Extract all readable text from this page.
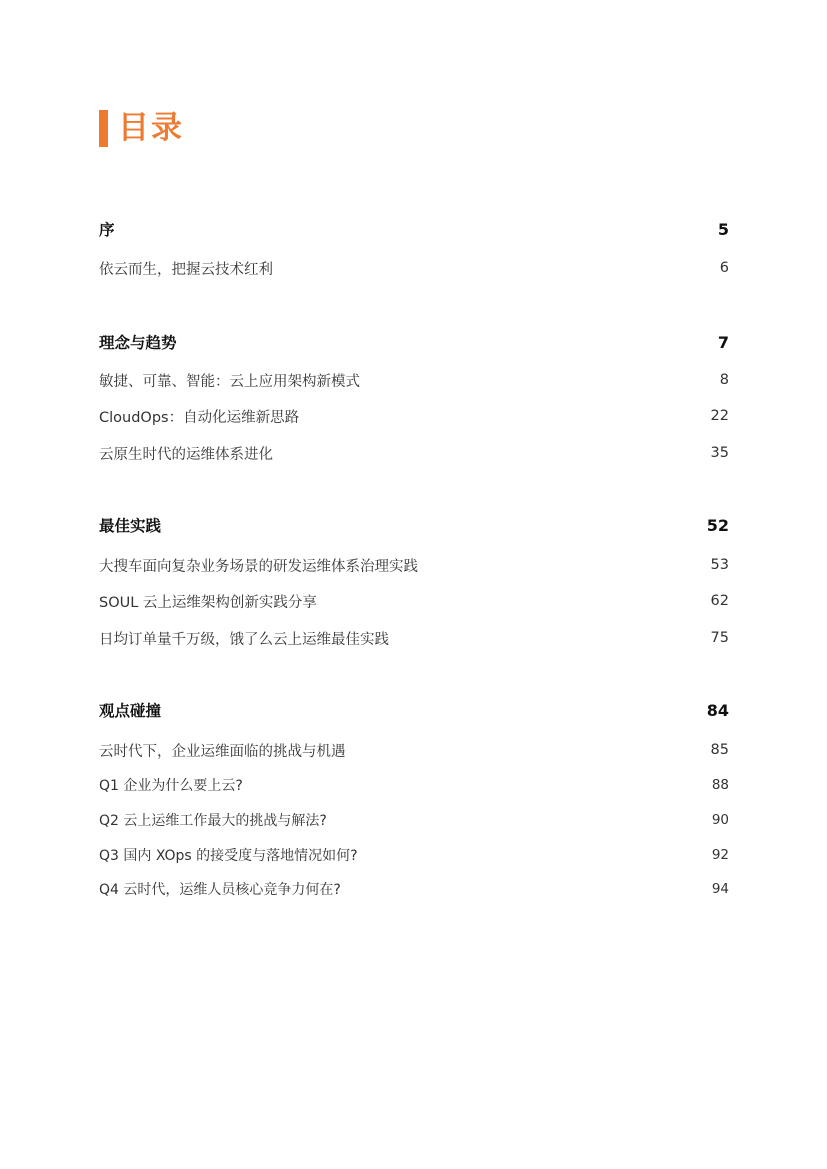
目录
序	5
依云而生，把握云技术红利	6
理念与趋势	7
敏捷、可靠、智能：云上应用架构新模式	8
CloudOps：自动化运维新思路	22
云原生时代的运维体系进化	35
最佳实践	52
大搜车面向复杂业务场景的研发运维体系治理实践	53
SOUL 云上运维架构创新实践分享	62
日均订单量千万级，饿了么云上运维最佳实践	75
观点碰撞	84
云时代下，企业运维面临的挑战与机遇	85
Q1 企业为什么要上云?	88
Q2 云上运维工作最大的挑战与解法?	90
Q3 国内 XOps 的接受度与落地情况如何?	92
Q4 云时代，运维人员核心竞争力何在?	94
